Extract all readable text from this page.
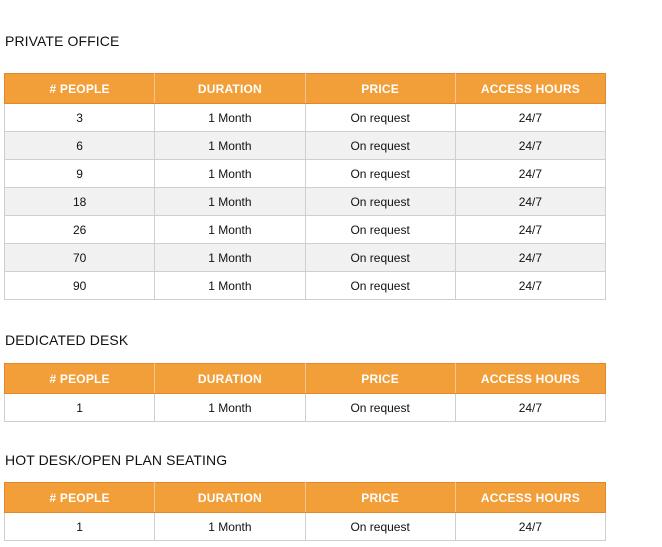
PRIVATE OFFICE
# PEOPLE	DURATION	PRICE	ACCESS HOURS
3	1 Month	On request	24/7
6	1 Month	On request	24/7
9	1 Month	On request	24/7
18	1 Month	On request	24/7
26	1 Month	On request	24/7
70	1 Month	On request	24/7
90	1 Month	On request	24/7
DEDICATED DESK
# PEOPLE	DURATION	PRICE	ACCESS HOURS
1	1 Month	On request	24/7
HOT DESK/OPEN PLAN SEATING
# PEOPLE	DURATION	PRICE	ACCESS HOURS
1	1 Month	On request	24/7
